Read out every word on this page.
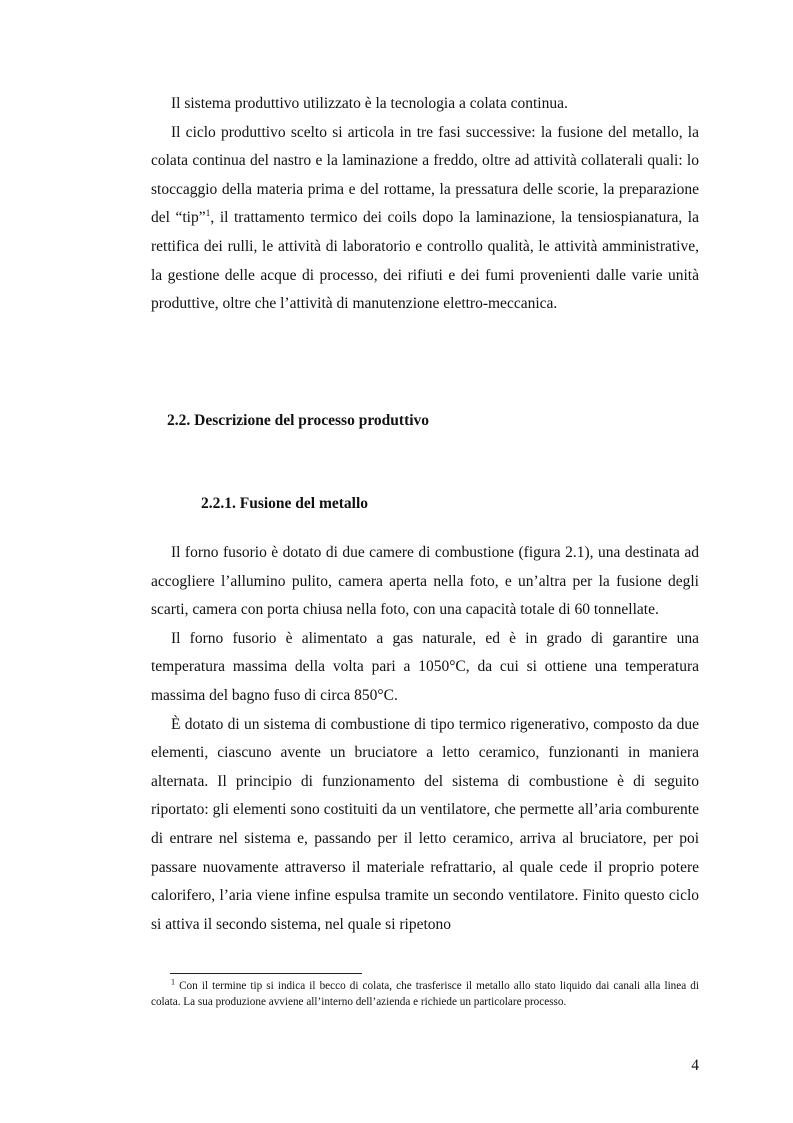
Il sistema produttivo utilizzato è la tecnologia a colata continua.

Il ciclo produttivo scelto si articola in tre fasi successive: la fusione del metallo, la colata continua del nastro e la laminazione a freddo, oltre ad attività collaterali quali: lo stoccaggio della materia prima e del rottame, la pressatura delle scorie, la preparazione del “tip”$^1$, il trattamento termico dei coils dopo la laminazione, la tensiospianatura, la rettifica dei rulli, le attività di laboratorio e controllo qualità, le attività amministrative, la gestione delle acque di processo, dei rifiuti e dei fumi provenienti dalle varie unità produttive, oltre che l’attività di manutenzione elettro-meccanica.

2.2. Descrizione del processo produttivo
2.2.1. Fusione del metallo

Il forno fusorio è dotato di due camere di combustione (figura 2.1), una destinata ad accogliere l’allumino pulito, camera aperta nella foto, e un’altra per la fusione degli scarti, camera con porta chiusa nella foto, con una capacità totale di 60 tonnellate.

Il forno fusorio è alimentato a gas naturale, ed è in grado di garantire una temperatura massima della volta pari a 1050°C, da cui si ottiene una temperatura massima del bagno fuso di circa 850°C.

È dotato di un sistema di combustione di tipo termico rigenerativo, composto da due elementi, ciascuno avente un bruciatore a letto ceramico, funzionanti in maniera alternata. Il principio di funzionamento del sistema di combustione è di seguito riportato: gli elementi sono costituiti da un ventilatore, che permette all’aria comburente di entrare nel sistema e, passando per il letto ceramico, arriva al bruciatore, per poi passare nuovamente attraverso il materiale refrattario, al quale cede il proprio potere calorifero, l’aria viene infine espulsa tramite un secondo ventilatore. Finito questo ciclo si attiva il secondo sistema, nel quale si ripetono

$^1$ Con il termine tip si indica il becco di colata, che trasferisce il metallo allo stato liquido dai canali alla linea di colata. La sua produzione avviene all’interno dell’azienda e richiede un particolare processo.

4
